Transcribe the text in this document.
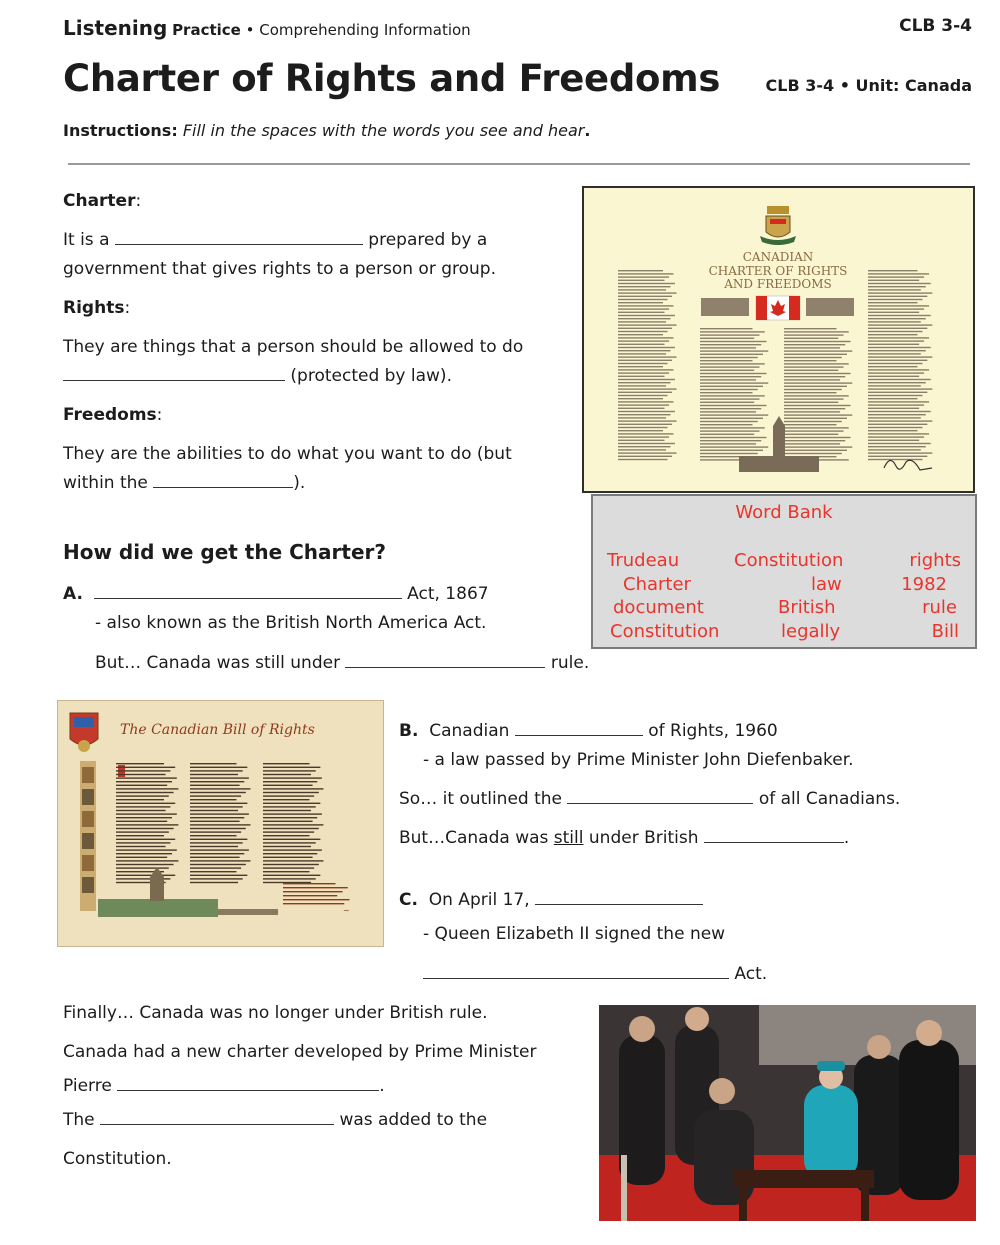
Listening Practice • Comprehending Information	CLB 3-4
Charter of Rights and Freedoms	CLB 3-4 • Unit: Canada
Instructions: Fill in the spaces with the words you see and hear.
Charter:
It is a	prepared by a
government that gives rights to a person or group.
Rights:
They are things that a person should be allowed to do
(protected by law).
Freedoms:
They are the abilities to do what you want to do (but
within the	).
How did we get the Charter?
A.	Act, 1867
- also known as the British North America Act.
But… Canada was still under	rule.
B. Canadian	of Rights, 1960
- a law passed by Prime Minister John Diefenbaker.
So… it outlined the	of all Canadians.
But…Canada was still under British	.
C. On April 17,
- Queen Elizabeth II signed the new
Act.
Finally… Canada was no longer under British rule.
Canada had a new charter developed by Prime Minister
Pierre	.
The	was added to the
Constitution.
CANADIAN
CHARTER OF RIGHTS
AND FREEDOMS
Word Bank
Trudeau	Constitution	rights
Charter	law	1982
document	British	rule
Constitution	legally	Bill
The Canadian Bill of Rights
~
